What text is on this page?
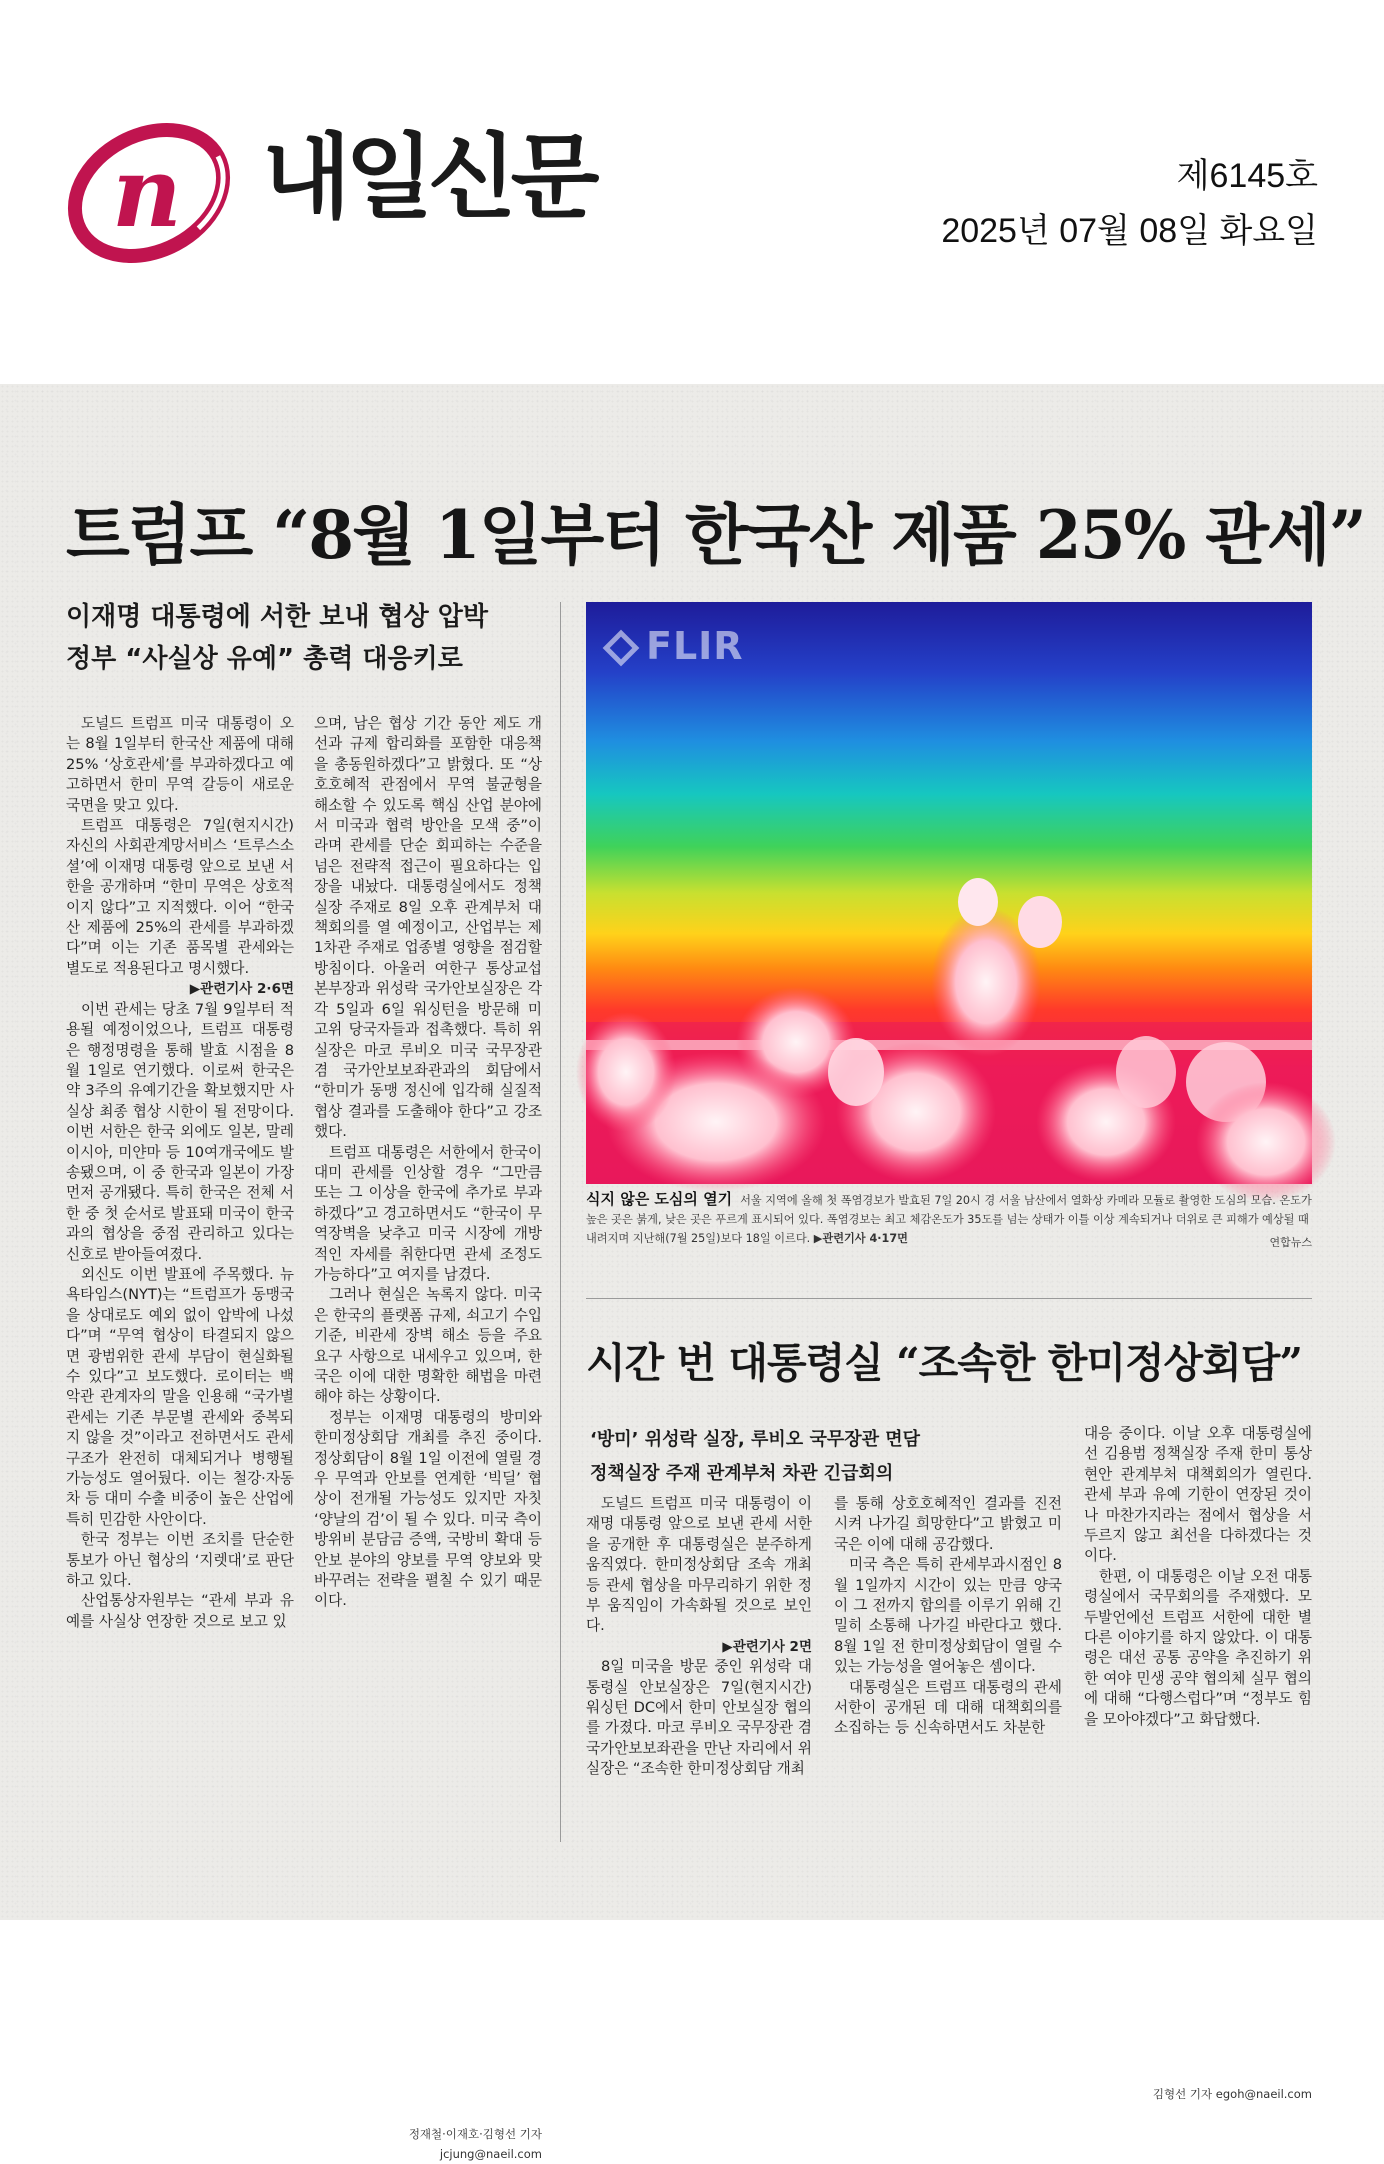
n 내일신문	제6145호
2025년 07월 08일 화요일
트럼프 “8월 1일부터 한국산 제품 25% 관세”
이재명 대통령에 서한 보내 협상 압박
정부 “사실상 유예” 총력 대응키로

도널드 트럼프 미국 대통령이 오는 8월 1일부터 한국산 제품에 대해 25% ‘상호관세’를 부과하겠다고 예고하면서 한미 무역 갈등이 새로운 국면을 맞고 있다.

트럼프 대통령은 7일(현지시간) 자신의 사회관계망서비스 ‘트루스소셜’에 이재명 대통령 앞으로 보낸 서한을 공개하며 “한미 무역은 상호적이지 않다”고 지적했다. 이어 “한국산 제품에 25%의 관세를 부과하겠다”며 이는 기존 품목별 관세와는 별도로 적용된다고 명시했다.

▶관련기사 2·6면

이번 관세는 당초 7월 9일부터 적용될 예정이었으나, 트럼프 대통령은 행정명령을 통해 발효 시점을 8월 1일로 연기했다. 이로써 한국은 약 3주의 유예기간을 확보했지만 사실상 최종 협상 시한이 될 전망이다. 이번 서한은 한국 외에도 일본, 말레이시아, 미얀마 등 10여개국에도 발송됐으며, 이 중 한국과 일본이 가장 먼저 공개됐다. 특히 한국은 전체 서한 중 첫 순서로 발표돼 미국이 한국과의 협상을 중점 관리하고 있다는 신호로 받아들여졌다.

외신도 이번 발표에 주목했다. 뉴욕타임스(NYT)는 “트럼프가 동맹국을 상대로도 예외 없이 압박에 나섰다”며 “무역 협상이 타결되지 않으면 광범위한 관세 부담이 현실화될 수 있다”고 보도했다. 로이터는 백악관 관계자의 말을 인용해 “국가별 관세는 기존 부문별 관세와 중복되지 않을 것”이라고 전하면서도 관세 구조가 완전히 대체되거나 병행될 가능성도 열어뒀다. 이는 철강·자동차 등 대미 수출 비중이 높은 산업에 특히 민감한 사안이다.

한국 정부는 이번 조치를 단순한 통보가 아닌 협상의 ‘지렛대’로 판단하고 있다.

산업통상자원부는 “관세 부과 유예를 사실상 연장한 것으로 보고 있

으며, 남은 협상 기간 동안 제도 개선과 규제 합리화를 포함한 대응책을 총동원하겠다”고 밝혔다. 또 “상호호혜적 관점에서 무역 불균형을 해소할 수 있도록 핵심 산업 분야에서 미국과 협력 방안을 모색 중”이라며 관세를 단순 회피하는 수준을 넘은 전략적 접근이 필요하다는 입장을 내놨다. 대통령실에서도 정책실장 주재로 8일 오후 관계부처 대책회의를 열 예정이고, 산업부는 제1차관 주재로 업종별 영향을 점검할 방침이다. 아울러 여한구 통상교섭본부장과 위성락 국가안보실장은 각각 5일과 6일 워싱턴을 방문해 미 고위 당국자들과 접촉했다. 특히 위 실장은 마코 루비오 미국 국무장관 겸 국가안보보좌관과의 회담에서 “한미가 동맹 정신에 입각해 실질적 협상 결과를 도출해야 한다”고 강조했다.

트럼프 대통령은 서한에서 한국이 대미 관세를 인상할 경우 “그만큼 또는 그 이상을 한국에 추가로 부과하겠다”고 경고하면서도 “한국이 무역장벽을 낮추고 미국 시장에 개방적인 자세를 취한다면 관세 조정도 가능하다”고 여지를 남겼다.

그러나 현실은 녹록지 않다. 미국은 한국의 플랫폼 규제, 쇠고기 수입 기준, 비관세 장벽 해소 등을 주요 요구 사항으로 내세우고 있으며, 한국은 이에 대한 명확한 해법을 마련해야 하는 상황이다.

정부는 이재명 대통령의 방미와 한미정상회담 개최를 추진 중이다. 정상회담이 8월 1일 이전에 열릴 경우 무역과 안보를 연계한 ‘빅딜’ 협상이 전개될 가능성도 있지만 자칫 ‘양날의 검’이 될 수 있다. 미국 측이 방위비 분담금 증액, 국방비 확대 등 안보 분야의 양보를 무역 양보와 맞바꾸려는 전략을 펼칠 수 있기 때문이다.

정재철·이재호·김형선 기자
jcjung@naeil.com
FLIR
식지 않은 도심의 열기 서울 지역에 올해 첫 폭염경보가 발효된 7일 20시 경 서울 남산에서 열화상 카메라 모듈로 촬영한 도심의 모습. 온도가 높은 곳은 붉게, 낮은 곳은 푸르게 표시되어 있다. 폭염경보는 최고 체감온도가 35도를 넘는 상태가 이틀 이상 계속되거나 더위로 큰 피해가 예상될 때 내려지며 지난해(7월 25일)보다 18일 이르다. ▶관련기사 4·17면	연합뉴스
시간 번 대통령실 “조속한 한미정상회담”
‘방미’ 위성락 실장, 루비오 국무장관 면담
정책실장 주재 관계부처 차관 긴급회의

도널드 트럼프 미국 대통령이 이재명 대통령 앞으로 보낸 관세 서한을 공개한 후 대통령실은 분주하게 움직였다. 한미정상회담 조속 개최 등 관세 협상을 마무리하기 위한 정부 움직임이 가속화될 것으로 보인다.

▶관련기사 2면

8일 미국을 방문 중인 위성락 대통령실 안보실장은 7일(현지시간) 워싱턴 DC에서 한미 안보실장 협의를 가졌다. 마코 루비오 국무장관 겸 국가안보보좌관을 만난 자리에서 위 실장은 “조속한 한미정상회담 개최

를 통해 상호호혜적인 결과를 진전시켜 나가길 희망한다”고 밝혔고 미국은 이에 대해 공감했다.

미국 측은 특히 관세부과시점인 8월 1일까지 시간이 있는 만큼 양국이 그 전까지 합의를 이루기 위해 긴밀히 소통해 나가길 바란다고 했다. 8월 1일 전 한미정상회담이 열릴 수 있는 가능성을 열어놓은 셈이다.

대통령실은 트럼프 대통령의 관세 서한이 공개된 데 대해 대책회의를 소집하는 등 신속하면서도 차분한

대응 중이다. 이날 오후 대통령실에선 김용범 정책실장 주재 한미 통상 현안 관계부처 대책회의가 열린다. 관세 부과 유예 기한이 연장된 것이나 마찬가지라는 점에서 협상을 서두르지 않고 최선을 다하겠다는 것이다.

한편, 이 대통령은 이날 오전 대통령실에서 국무회의를 주재했다. 모두발언에선 트럼프 서한에 대한 별다른 이야기를 하지 않았다. 이 대통령은 대선 공통 공약을 추진하기 위한 여야 민생 공약 협의체 실무 협의에 대해 “다행스럽다”며 “정부도 힘을 모아야겠다”고 화답했다.

김형선 기자 egoh@naeil.com
